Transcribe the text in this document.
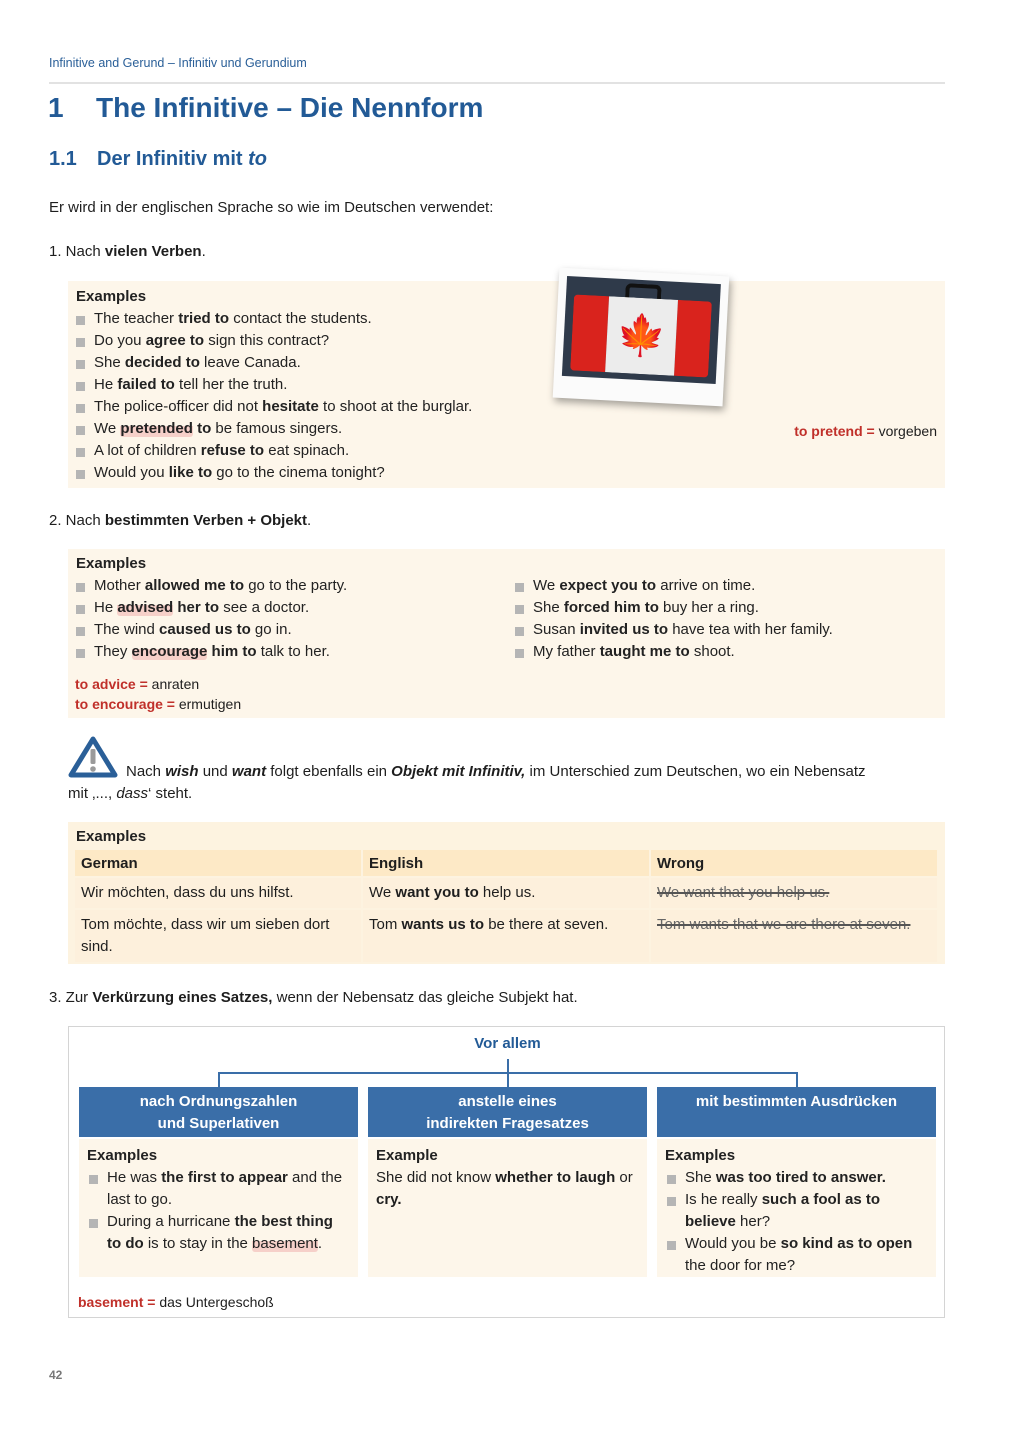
Infinitive and Gerund – Infinitiv und Gerundium
1 The Infinitive – Die Nennform
1.1 Der Infinitiv mit to
Er wird in der englischen Sprache so wie im Deutschen verwendet:
1. Nach vielen Verben.
Examples
The teacher tried to contact the students.
Do you agree to sign this contract?
She decided to leave Canada.
He failed to tell her the truth.
The police-officer did not hesitate to shoot at the burglar.
We pretended to be famous singers.
A lot of children refuse to eat spinach.
Would you like to go to the cinema tonight?
to pretend = vorgeben
🍁
2. Nach bestimmten Verben + Objekt.
Examples
Mother allowed me to go to the party.
He advised her to see a doctor.
The wind caused us to go in.
They encourage him to talk to her.
We expect you to arrive on time.
She forced him to buy her a ring.
Susan invited us to have tea with her family.
My father taught me to shoot.
to advice = anraten
to encourage = ermutigen
Nach wish und want folgt ebenfalls ein Objekt mit Infinitiv, im Unterschied zum Deutschen, wo ein Nebensatz
mit ‚..., dass‘ steht.
Examples
German	English	Wrong
Wir möchten, dass du uns hilfst.	We want you to help us.	We want that you help us.
Tom möchte, dass wir um sieben dort sind.	Tom wants us to be there at seven.	Tom wants that we are there at seven.
3. Zur Verkürzung eines Satzes, wenn der Nebensatz das gleiche Subjekt hat.
Vor allem
nach Ordnungszahlen
und Superlativen
Examples
He was the first to appear and the last to go.
During a hurricane the best thing to do is to stay in the basement.
anstelle eines
indirekten Fragesatzes
Example
She did not know whether to laugh or cry.
mit bestimmten Ausdrücken
Examples
She was too tired to answer.
Is he really such a fool as to believe her?
Would you be so kind as to open the door for me?
basement = das Untergeschoß
42
